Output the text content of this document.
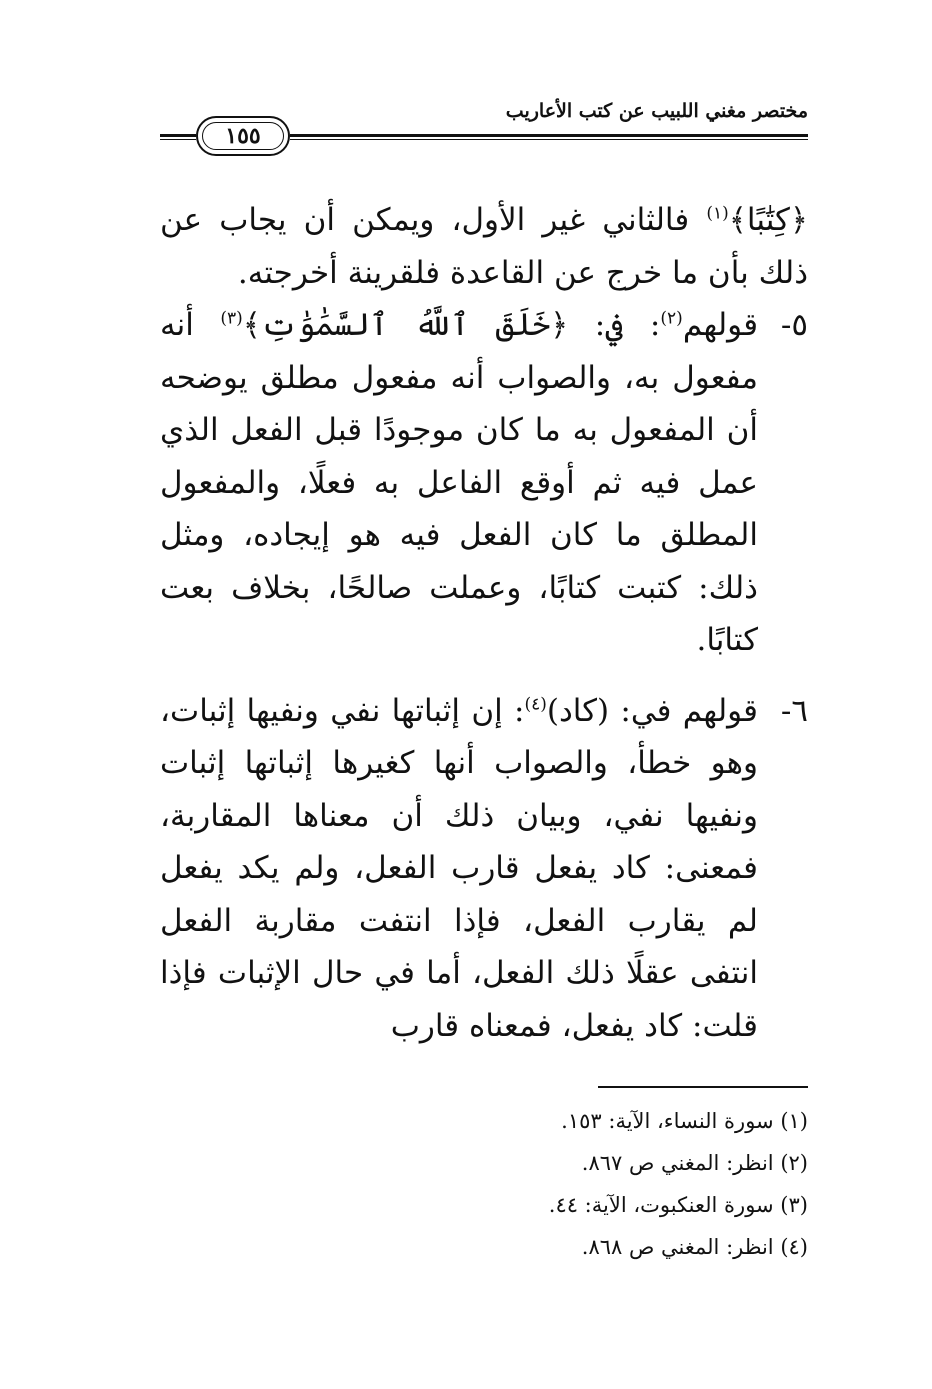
مختصر مغني اللبيب عن كتب الأعاريب
١٥٥

﴿كِتَٰبًا﴾$^{(١)}$ فالثاني غير الأول، ويمكن أن يجاب عن ذلك بأن ما خرج عن القاعدة فلقرينة أخرجته.

٥-
قولهم$^{(٢)}$: في: ﴿خَلَقَ ٱللَّهُ ٱلسَّمَٰوَٰتِ﴾$^{(٣)}$ أنه مفعول به، والصواب أنه مفعول مطلق يوضحه أن المفعول به ما كان موجودًا قبل الفعل الذي عمل فيه ثم أوقع الفاعل به فعلًا، والمفعول المطلق ما كان الفعل فيه هو إيجاده، ومثل ذلك: كتبت كتابًا، وعملت صالحًا، بخلاف بعت كتابًا.

٦-
قولهم في: (كاد)$^{(٤)}$: إن إثباتها نفي ونفيها إثبات، وهو خطأ، والصواب أنها كغيرها إثباتها إثبات ونفيها نفي، وبيان ذلك أن معناها المقاربة، فمعنى: كاد يفعل قارب الفعل، ولم يكد يفعل لم يقارب الفعل، فإذا انتفت مقاربة الفعل انتفى عقلًا ذلك الفعل، أما في حال الإثبات فإذا قلت: كاد يفعل، فمعناه قارب

(١) سورة النساء، الآية: ١٥٣.
(٢) انظر: المغني ص ٨٦٧.
(٣) سورة العنكبوت، الآية: ٤٤.
(٤) انظر: المغني ص ٨٦٨.
